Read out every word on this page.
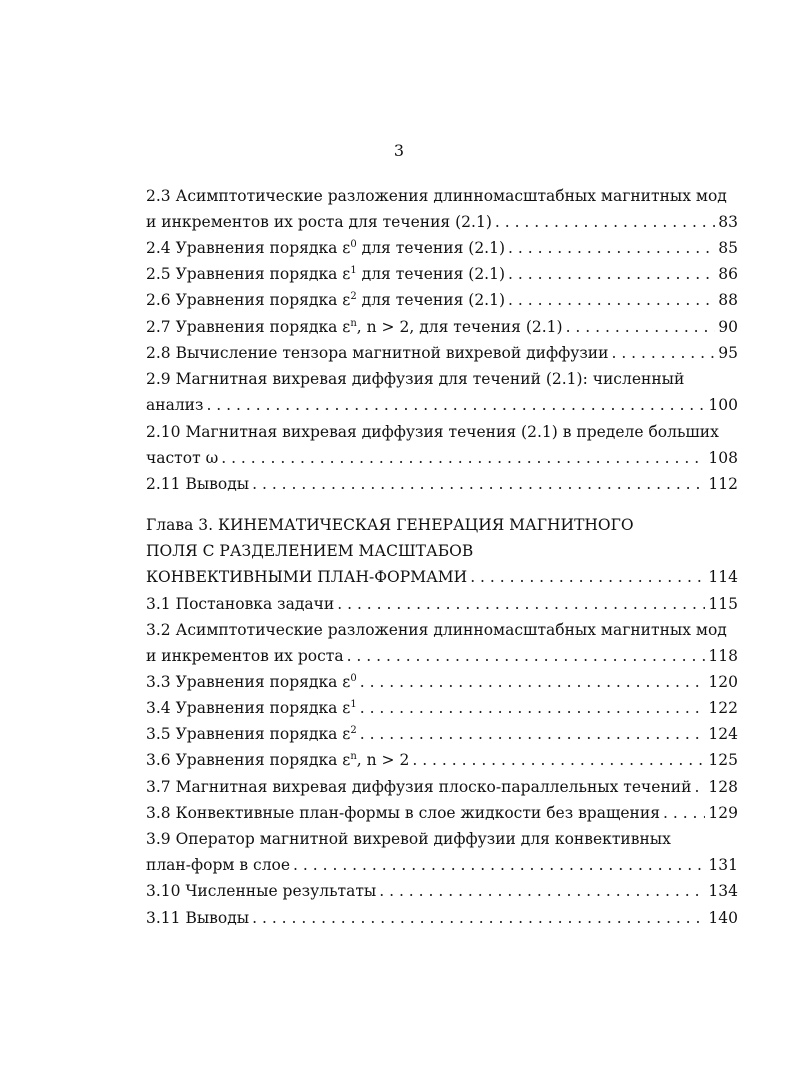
3
2.3 Асимптотические разложения длинномасштабных магнитных мод
и инкрементов их роста для течения (2.1) . . .	83
2.4 Уравнения порядка $\varepsilon^0$ для течения (2.1) . . .	85
2.5 Уравнения порядка $\varepsilon^1$ для течения (2.1) . . .	86
2.6 Уравнения порядка $\varepsilon^2$ для течения (2.1) . . .	88
2.7 Уравнения порядка $\varepsilon^n$, n > 2, для течения (2.1) . . .	90
2.8 Вычисление тензора магнитной вихревой диффузии . . .	95
2.9 Магнитная вихревая диффузия для течений (2.1): численный
анализ . . .	100
2.10 Магнитная вихревая диффузия течения (2.1) в пределе больших
частот ω . . .	108
2.11 Выводы . . .	112
Глава 3. КИНЕМАТИЧЕСКАЯ ГЕНЕРАЦИЯ МАГНИТНОГО
ПОЛЯ С РАЗДЕЛЕНИЕМ МАСШТАБОВ
КОНВЕКТИВНЫМИ ПЛАН-ФОРМАМИ . . .	114
3.1 Постановка задачи . . .	115
3.2 Асимптотические разложения длинномасштабных магнитных мод
и инкрементов их роста . . .	118
3.3 Уравнения порядка $\varepsilon^0$ . . .	120
3.4 Уравнения порядка $\varepsilon^1$ . . .	122
3.5 Уравнения порядка $\varepsilon^2$ . . .	124
3.6 Уравнения порядка $\varepsilon^n$, n > 2 . . .	125
3.7 Магнитная вихревая диффузия плоско-параллельных течений . . . 128
3.8 Конвективные план-формы в слое жидкости без вращения . . .	129
3.9 Оператор магнитной вихревой диффузии для конвективных
план-форм в слое . . .	131
3.10 Численные результаты . . .	134
3.11 Выводы . . .	140
